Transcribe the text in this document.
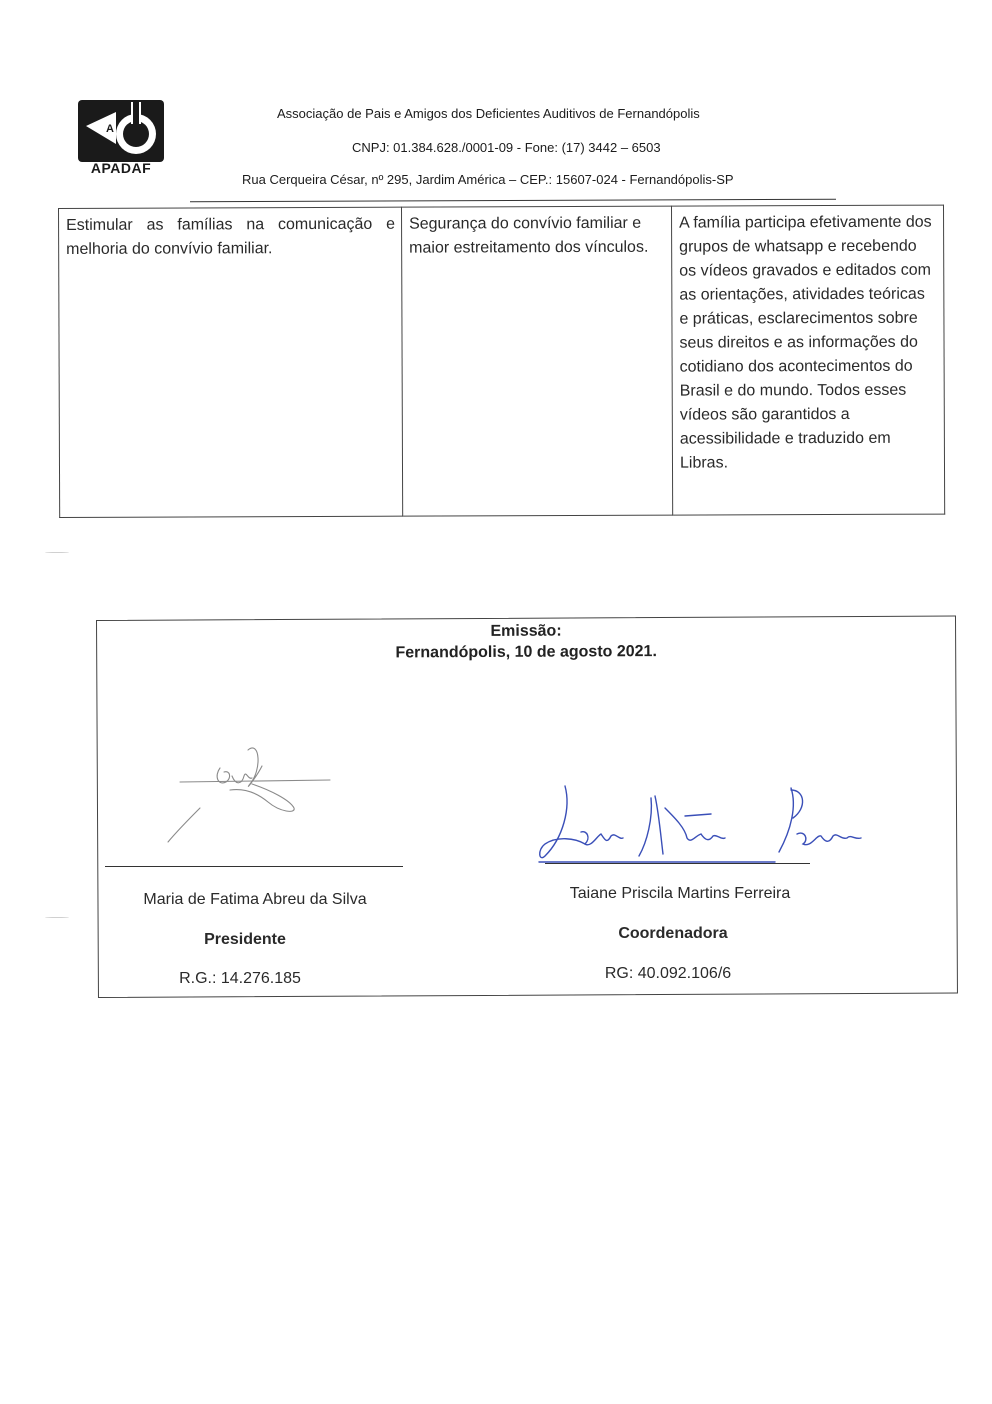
A
APADAF
Associação de Pais e Amigos dos Deficientes Auditivos de Fernandópolis
CNPJ: 01.384.628./0001-09 - Fone: (17) 3442 – 6503
Rua Cerqueira César, nº 295, Jardim América – CEP.: 15607-024 - Fernandópolis-SP
Estimular as famílias na comunicação e melhoria do convívio familiar.	Segurança do convívio familiar e maior estreitamento dos vínculos.	A família participa efetivamente dos grupos de whatsapp e recebendo os vídeos gravados e editados com as orientações, atividades teóricas e práticas, esclarecimentos sobre seus direitos e as informações do cotidiano dos acontecimentos do Brasil e do mundo. Todos esses vídeos são garantidos a acessibilidade e traduzido em Libras.
Emissão:
Fernandópolis, 10 de agosto 2021.
Maria de Fatima Abreu da Silva
Presidente
R.G.: 14.276.185
Taiane Priscila Martins Ferreira
Coordenadora
RG: 40.092.106/6
